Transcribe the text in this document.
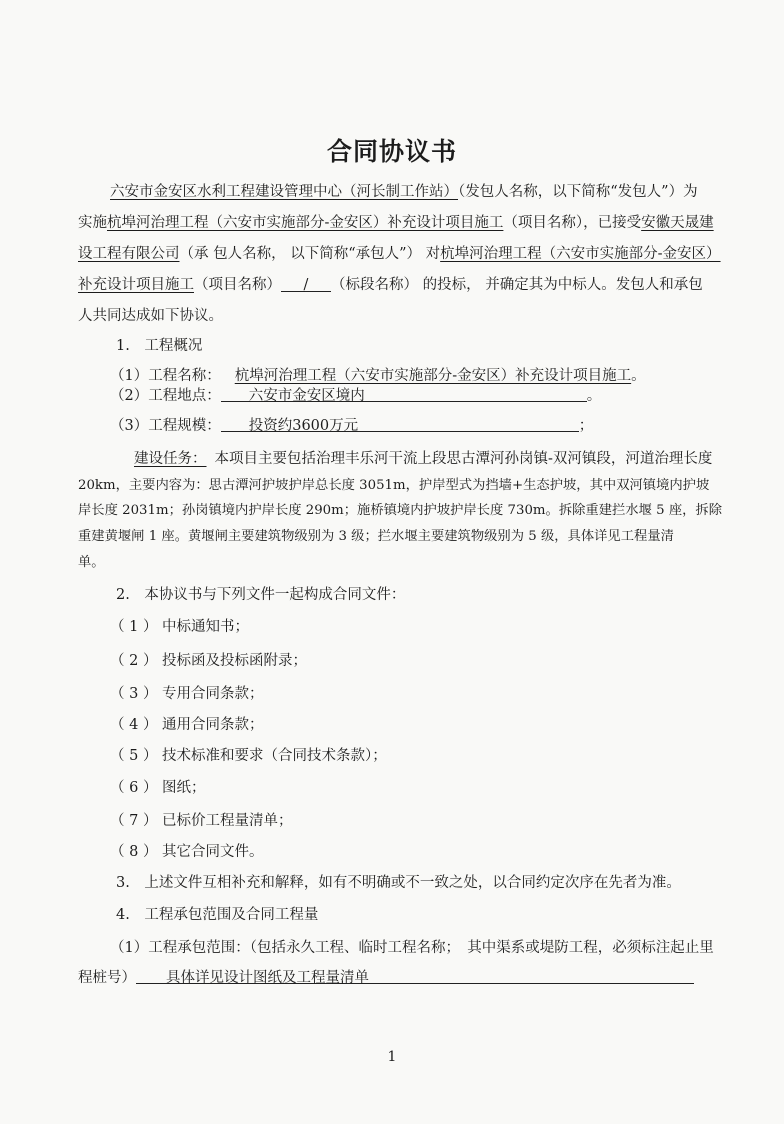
合同协议书
六安市金安区水利工程建设管理中心（河长制工作站）（发包人名称，以下简称“发包人”）为
实施杭埠河治理工程（六安市实施部分-金安区）补充设计项目施工（项目名称），已接受安徽天晟建
设工程有限公司（承 包人名称， 以下简称“承包人”） 对杭埠河治理工程（六安市实施部分-金安区）
补充设计项目施工（项目名称） / （标段名称） 的投标， 并确定其为中标人。发包人和承包
人共同达成如下协议。
1.　工程概况
（1）工程名称： 杭埠河治理工程（六安市实施部分-金安区）补充设计项目施工。
（2）工程地点： 六安市金安区境内	。
（3）工程规模： 投资约3600万元	；
建设任务： 本项目主要包括治理丰乐河干流上段思古潭河孙岗镇-双河镇段，河道治理长度
20km，主要内容为：思古潭河护坡护岸总长度 3051m，护岸型式为挡墙+生态护坡，其中双河镇境内护坡
岸长度 2031m；孙岗镇境内护岸长度 290m；施桥镇境内护坡护岸长度 730m。拆除重建拦水堰 5 座，拆除
重建黄堰闸 1 座。黄堰闸主要建筑物级别为 3 级；拦水堰主要建筑物级别为 5 级，具体详见工程量清
单。
2.　本协议书与下列文件一起构成合同文件：
（ 1 ） 中标通知书；
（ 2 ） 投标函及投标函附录；
（ 3 ） 专用合同条款；
（ 4 ） 通用合同条款；
（ 5 ） 技术标准和要求（合同技术条款）；
（ 6 ） 图纸；
（ 7 ） 已标价工程量清单；
（ 8 ） 其它合同文件。
3.　上述文件互相补充和解释，如有不明确或不一致之处，以合同约定次序在先者为准。
4.　工程承包范围及合同工程量
（1）工程承包范围：（包括永久工程、临时工程名称；　其中渠系或堤防工程，必须标注起止里
程桩号） 具体详见设计图纸及工程量清单
1
